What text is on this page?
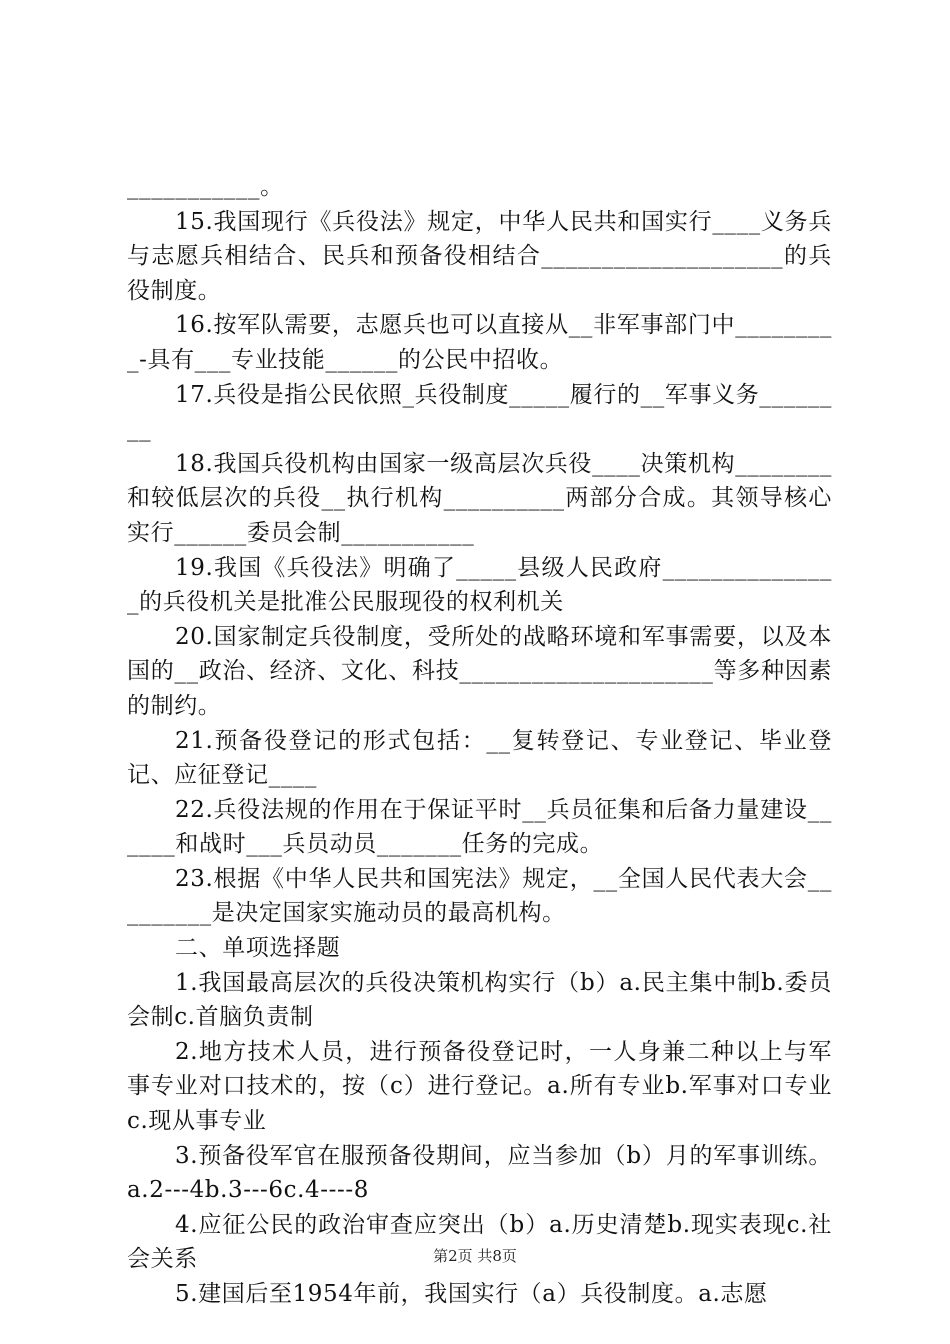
___________。

15.我国现行《兵役法》规定，中华人民共和国实行____义务兵与志愿兵相结合、民兵和预备役相结合____________________的兵役制度。

16.按军队需要，志愿兵也可以直接从__非军事部门中_________-具有___专业技能______的公民中招收。

17.兵役是指公民依照_兵役制度_____履行的__军事义务________

18.我国兵役机构由国家一级高层次兵役____决策机构________和较低层次的兵役__执行机构__________两部分合成。其领导核心实行______委员会制___________

19.我国《兵役法》明确了_____县级人民政府_______________的兵役机关是批准公民服现役的权利机关

20.国家制定兵役制度，受所处的战略环境和军事需要，以及本国的__政治、经济、文化、科技_____________________等多种因素的制约。

21.预备役登记的形式包括：__复转登记、专业登记、毕业登记、应征登记____

22.兵役法规的作用在于保证平时__兵员征集和后备力量建设______和战时___兵员动员_______任务的完成。

23.根据《中华人民共和国宪法》规定，__全国人民代表大会_________是决定国家实施动员的最高机构。

二、单项选择题

1.我国最高层次的兵役决策机构实行（b）a.民主集中制b.委员会制c.首脑负责制

2.地方技术人员，进行预备役登记时，一人身兼二种以上与军事专业对口技术的，按（c）进行登记。a.所有专业b.军事对口专业c.现从事专业

3.预备役军官在服预备役期间，应当参加（b）月的军事训练。a.2---4b.3---6c.4----8

4.应征公民的政治审查应突出（b）a.历史清楚b.现实表现c.社会关系

5.建国后至1954年前，我国实行（a）兵役制度。a.志愿

第2页 共8页
